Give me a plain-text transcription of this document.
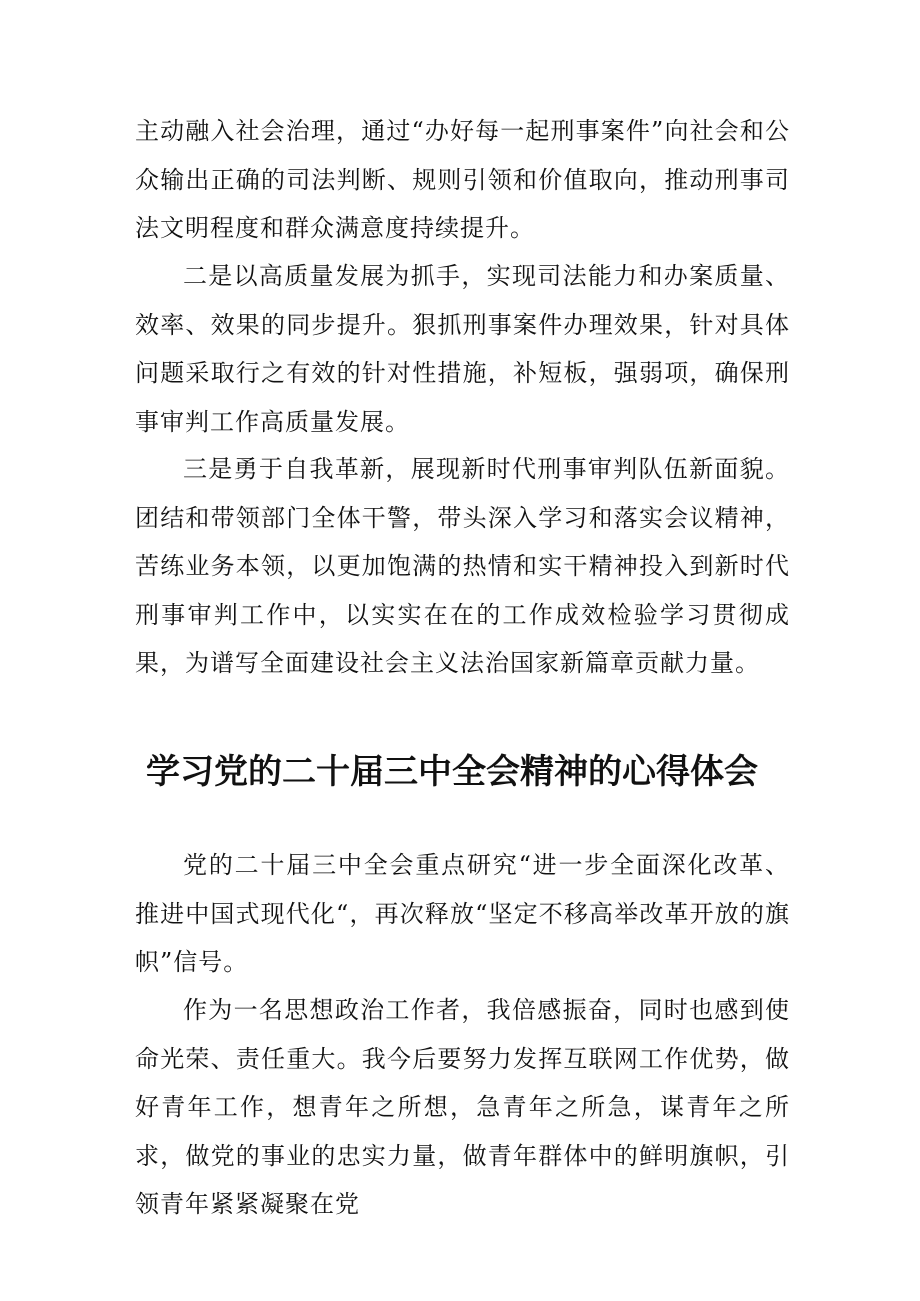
主动融入社会治理，通过“办好每一起刑事案件”向社会和公众输出正确的司法判断、规则引领和价值取向，推动刑事司法文明程度和群众满意度持续提升。

二是以高质量发展为抓手，实现司法能力和办案质量、效率、效果的同步提升。狠抓刑事案件办理效果，针对具体问题采取行之有效的针对性措施，补短板，强弱项，确保刑事审判工作高质量发展。

三是勇于自我革新，展现新时代刑事审判队伍新面貌。团结和带领部门全体干警，带头深入学习和落实会议精神，苦练业务本领，以更加饱满的热情和实干精神投入到新时代刑事审判工作中，以实实在在的工作成效检验学习贯彻成果，为谱写全面建设社会主义法治国家新篇章贡献力量。

学习党的二十届三中全会精神的心得体会

党的二十届三中全会重点研究“进一步全面深化改革、推进中国式现代化“，再次释放“坚定不移高举改革开放的旗帜”信号。

作为一名思想政治工作者，我倍感振奋，同时也感到使命光荣、责任重大。我今后要努力发挥互联网工作优势，做好青年工作，想青年之所想，急青年之所急，谋青年之所求，做党的事业的忠实力量，做青年群体中的鲜明旗帜，引领青年紧紧凝聚在党
